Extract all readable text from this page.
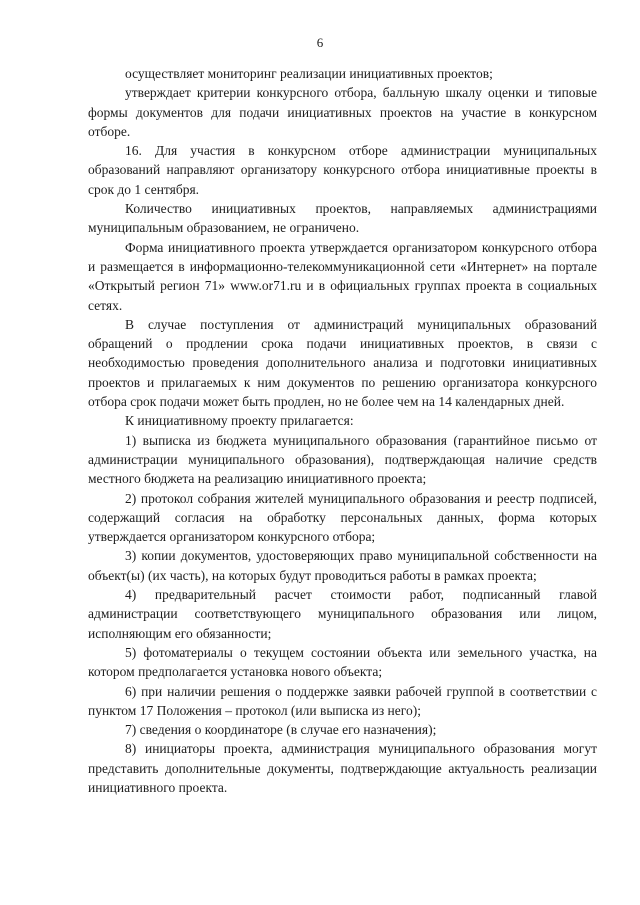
6

осуществляет мониторинг реализации инициативных проектов;

утверждает критерии конкурсного отбора, балльную шкалу оценки и типовые формы документов для подачи инициативных проектов на участие в конкурсном отборе.

16. Для участия в конкурсном отборе администрации муниципальных образований направляют организатору конкурсного отбора инициативные проекты в срок до 1 сентября.

Количество инициативных проектов, направляемых администрациями муниципальным образованием, не ограничено.

Форма инициативного проекта утверждается организатором конкурсного отбора и размещается в информационно-телекоммуникационной сети «Интернет» на портале «Открытый регион 71» www.or71.ru и в официальных группах проекта в социальных сетях.

В случае поступления от администраций муниципальных образований обращений о продлении срока подачи инициативных проектов, в связи с необходимостью проведения дополнительного анализа и подготовки инициативных проектов и прилагаемых к ним документов по решению организатора конкурсного отбора срок подачи может быть продлен, но не более чем на 14 календарных дней.

К инициативному проекту прилагается:

1) выписка из бюджета муниципального образования (гарантийное письмо от администрации муниципального образования), подтверждающая наличие средств местного бюджета на реализацию инициативного проекта;

2) протокол собрания жителей муниципального образования и реестр подписей, содержащий согласия на обработку персональных данных, форма которых утверждается организатором конкурсного отбора;

3) копии документов, удостоверяющих право муниципальной собственности на объект(ы) (их часть), на которых будут проводиться работы в рамках проекта;

4) предварительный расчет стоимости работ, подписанный главой администрации соответствующего муниципального образования или лицом, исполняющим его обязанности;

5) фотоматериалы о текущем состоянии объекта или земельного участка, на котором предполагается установка нового объекта;

6) при наличии решения о поддержке заявки рабочей группой в соответствии с пунктом 17 Положения – протокол (или выписка из него);

7) сведения о координаторе (в случае его назначения);

8) инициаторы проекта, администрация муниципального образования могут представить дополнительные документы, подтверждающие актуальность реализации инициативного проекта.
